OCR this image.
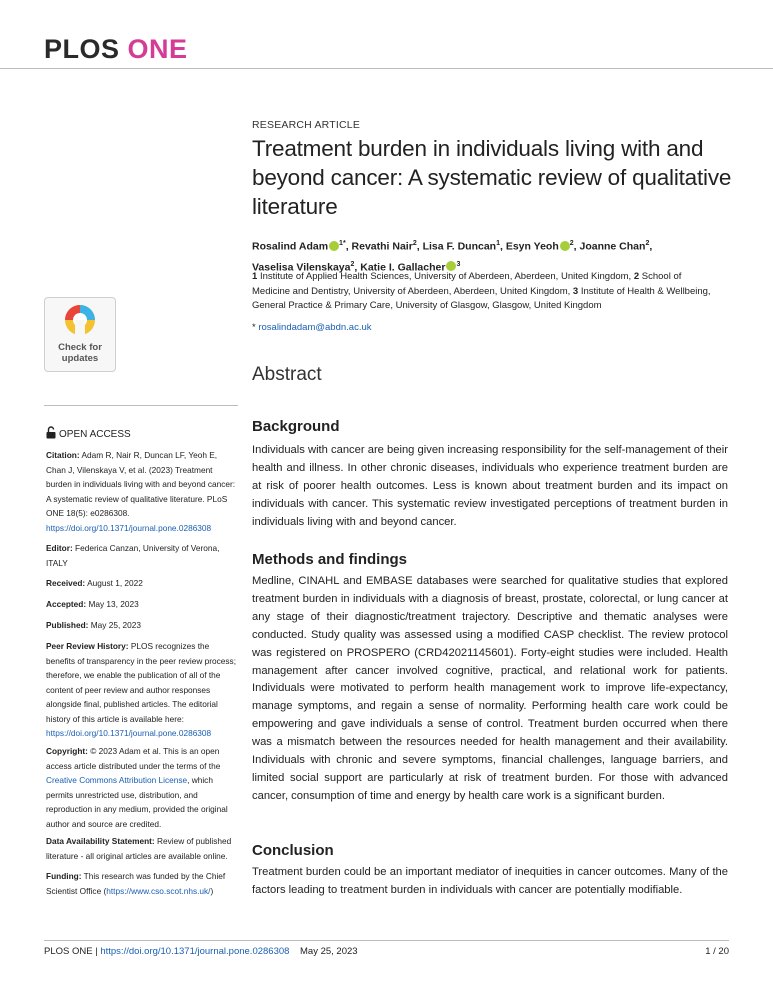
PLOS ONE
Check for
updates
OPEN ACCESS
Citation: Adam R, Nair R, Duncan LF, Yeoh E, Chan J, Vilenskaya V, et al. (2023) Treatment burden in individuals living with and beyond cancer: A systematic review of qualitative literature. PLoS ONE 18(5): e0286308. https://doi.org/10.1371/journal.pone.0286308
Editor: Federica Canzan, University of Verona, ITALY
Received: August 1, 2022
Accepted: May 13, 2023
Published: May 25, 2023
Peer Review History: PLOS recognizes the benefits of transparency in the peer review process; therefore, we enable the publication of all of the content of peer review and author responses alongside final, published articles. The editorial history of this article is available here: https://doi.org/10.1371/journal.pone.0286308
Copyright: © 2023 Adam et al. This is an open access article distributed under the terms of the Creative Commons Attribution License, which permits unrestricted use, distribution, and reproduction in any medium, provided the original author and source are credited.
Data Availability Statement: Review of published literature - all original articles are available online.
Funding: This research was funded by the Chief Scientist Office (https://www.cso.scot.nhs.uk/)
RESEARCH ARTICLE
Treatment burden in individuals living with and beyond cancer: A systematic review of qualitative literature
Rosalind Adam $^{1*}$, Revathi Nair$^2$, Lisa F. Duncan$^1$, Esyn Yeoh $^2$, Joanne Chan$^2$,
Vaselisa Vilenskaya$^2$, Katie I. Gallacher $^3$
1 Institute of Applied Health Sciences, University of Aberdeen, Aberdeen, United Kingdom, 2 School of Medicine and Dentistry, University of Aberdeen, Aberdeen, United Kingdom, 3 Institute of Health & Wellbeing, General Practice & Primary Care, University of Glasgow, Glasgow, United Kingdom
* rosalindadam@abdn.ac.uk
Abstract
Background
Individuals with cancer are being given increasing responsibility for the self-management of their health and illness. In other chronic diseases, individuals who experience treatment burden are at risk of poorer health outcomes. Less is known about treatment burden and its impact on individuals with cancer. This systematic review investigated perceptions of treatment burden in individuals living with and beyond cancer.
Methods and findings
Medline, CINAHL and EMBASE databases were searched for qualitative studies that explored treatment burden in individuals with a diagnosis of breast, prostate, colorectal, or lung cancer at any stage of their diagnostic/treatment trajectory. Descriptive and thematic analyses were conducted. Study quality was assessed using a modified CASP checklist. The review protocol was registered on PROSPERO (CRD42021145601). Forty-eight studies were included. Health management after cancer involved cognitive, practical, and relational work for patients. Individuals were motivated to perform health management work to improve life-expectancy, manage symptoms, and regain a sense of normality. Performing health care work could be empowering and gave individuals a sense of control. Treatment burden occurred when there was a mismatch between the resources needed for health management and their availability. Individuals with chronic and severe symptoms, financial challenges, language barriers, and limited social support are particularly at risk of treatment burden. For those with advanced cancer, consumption of time and energy by health care work is a significant burden.
Conclusion
Treatment burden could be an important mediator of inequities in cancer outcomes. Many of the factors leading to treatment burden in individuals with cancer are potentially modifiable.
PLOS ONE | https://doi.org/10.1371/journal.pone.0286308 May 25, 2023	1 / 20
